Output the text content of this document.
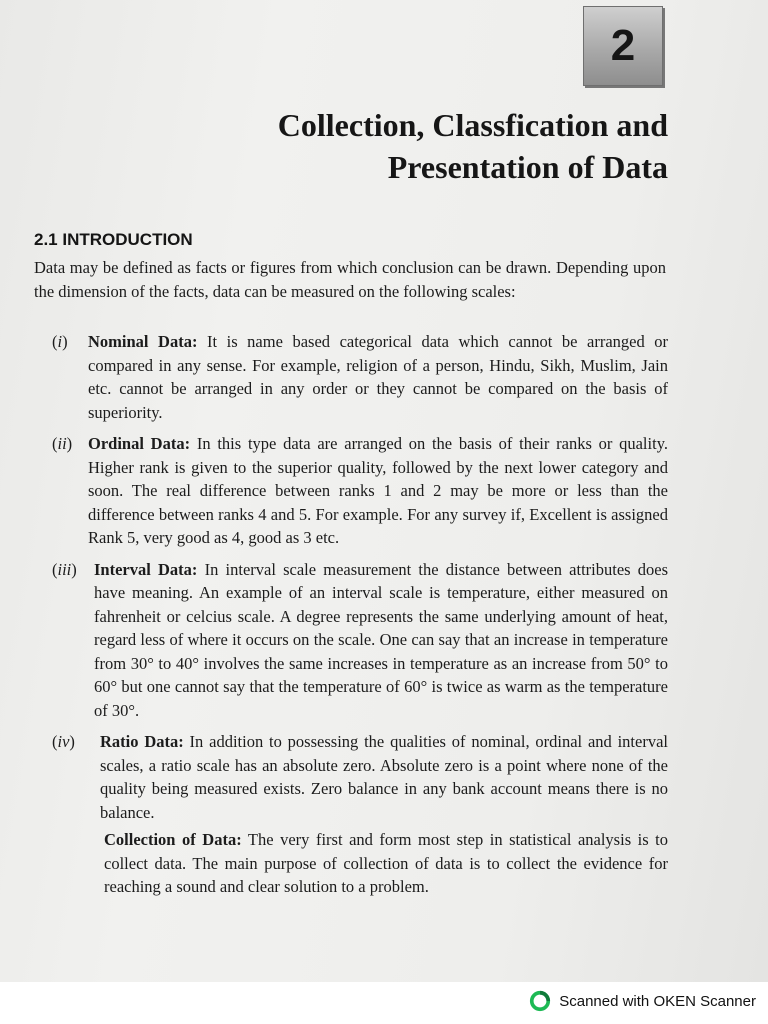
2
Collection, Classfication and
Presentation of Data
2.1 INTRODUCTION

Data may be defined as facts or figures from which conclusion can be drawn. Depending upon the dimension of the facts, data can be measured on the following scales:

(i)	Nominal Data: It is name based categorical data which cannot be arranged or compared in any sense. For example, religion of a person, Hindu, Sikh, Muslim, Jain etc. cannot be arranged in any order or they cannot be compared on the basis of superiority.
(ii) Ordinal Data: In this type data are arranged on the basis of their ranks or quality. Higher rank is given to the superior quality, followed by the next lower category and soon. The real difference between ranks 1 and 2 may be more or less than the difference between ranks 4 and 5. For example. For any survey if, Excellent is assigned Rank 5, very good as 4, good as 3 etc.
(iii)	Interval Data: In interval scale measurement the distance between attributes does have meaning. An example of an interval scale is temperature, either measured on fahrenheit or celcius scale. A degree represents the same underlying amount of heat, regard less of where it occurs on the scale. One can say that an increase in temperature from 30° to 40° involves the same increases in temperature as an increase from 50° to 60° but one cannot say that the temperature of 60° is twice as warm as the temperature of 30°.
(iv)	Ratio Data: In addition to possessing the qualities of nominal, ordinal and interval scales, a ratio scale has an absolute zero. Absolute zero is a point where none of the quality being measured exists. Zero balance in any bank account means there is no balance.

Collection of Data: The very first and form most step in statistical analysis is to collect data. The main purpose of collection of data is to collect the evidence for reaching a sound and clear solution to a problem.

Scanned with OKEN Scanner
